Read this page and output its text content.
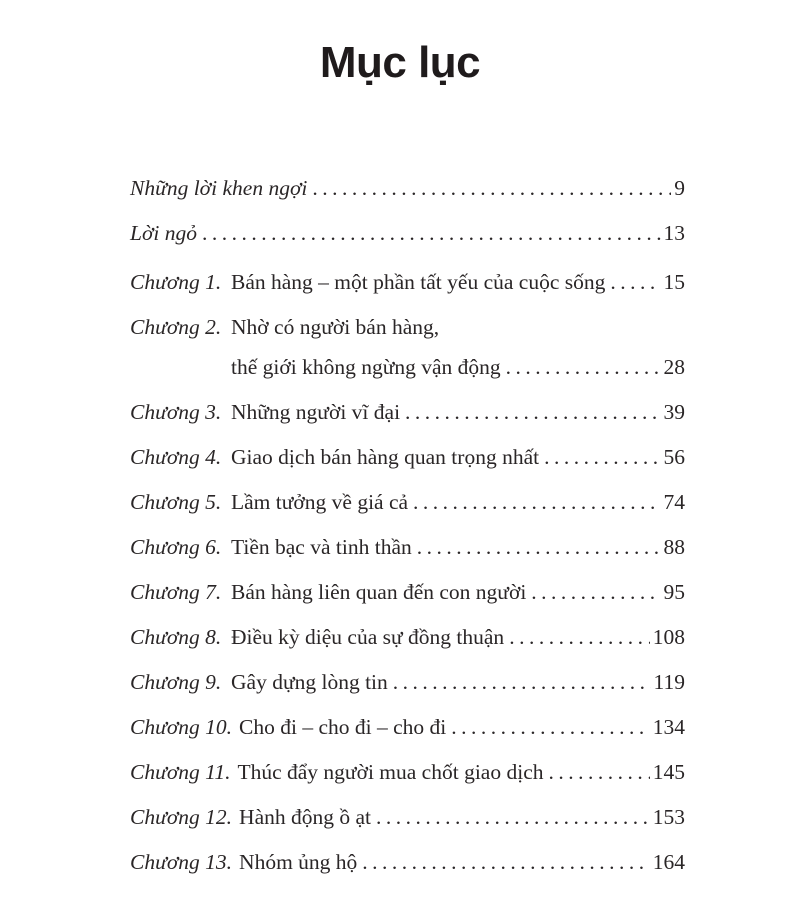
Mục lục
Những lời khen ngợi .....	9
Lời ngỏ .....	13
Chương 1. Bán hàng – một phần tất yếu của cuộc sống .....	15
Chương 2. Nhờ có người bán hàng,
thế giới không ngừng vận động .....	28
Chương 3. Những người vĩ đại .....	39
Chương 4. Giao dịch bán hàng quan trọng nhất .....	56
Chương 5. Lầm tưởng về giá cả .....	74
Chương 6. Tiền bạc và tinh thần .....	88
Chương 7. Bán hàng liên quan đến con người .....	95
Chương 8. Điều kỳ diệu của sự đồng thuận .....	108
Chương 9. Gây dựng lòng tin .....	119
Chương 10. Cho đi – cho đi – cho đi .....	134
Chương 11. Thúc đẩy người mua chốt giao dịch .....	145
Chương 12. Hành động ồ ạt .....	153
Chương 13. Nhóm ủng hộ .....	164
